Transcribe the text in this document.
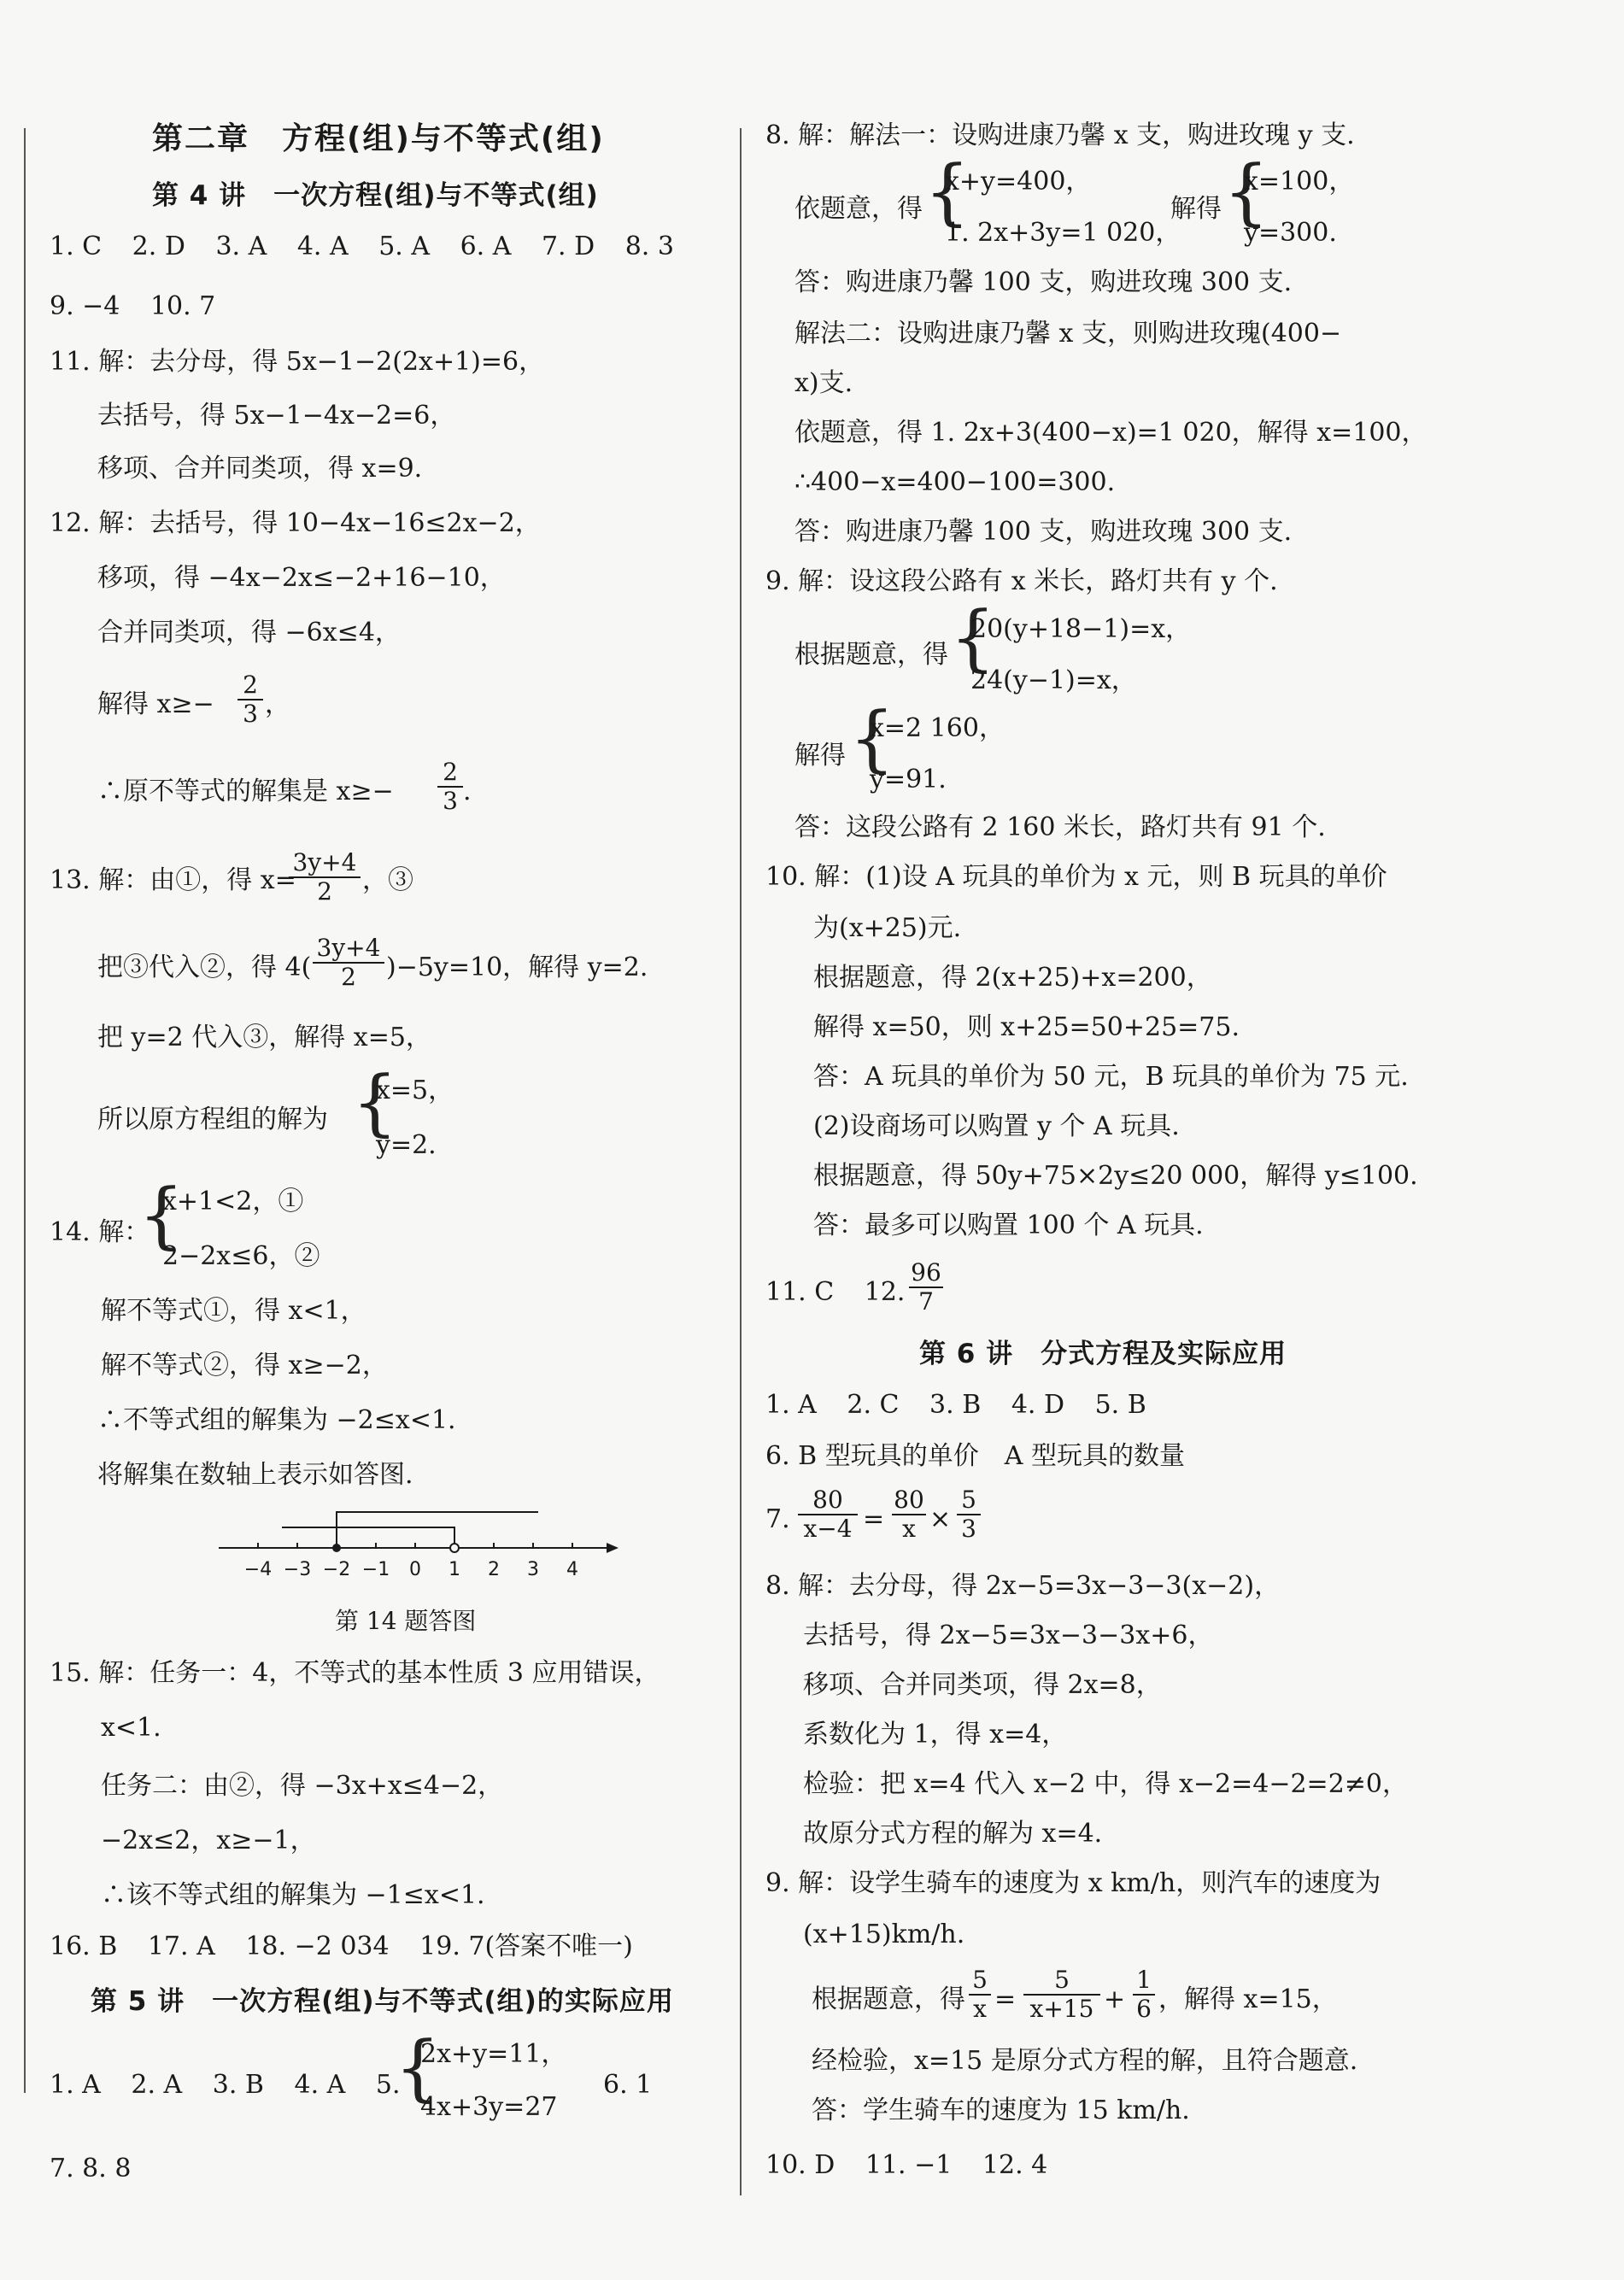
第二章　方程(组)与不等式(组)
第 4 讲　一次方程(组)与不等式(组)
1. C 2. D 3. A 4. A 5. A 6. A 7. D 8. 3
9. −4 10. 7
11. 解：去分母，得 5x−1−2(2x+1)=6，
去括号，得 5x−1−4x−2=6，
移项、合并同类项，得 x=9.
12. 解：去括号，得 10−4x−16≤2x−2，
移项，得 −4x−2x≤−2+16−10，
合并同类项，得 −6x≤4，
解得 $x\ge- \frac{2}{3}$ ，
∴原不等式的解集是 $x\ge- \frac{2}{3}$ .
13. 解：由①，得 x=
$\frac{3y+4}{2}$ ，③
把③代入②，得 $4( \frac{3y+4}{2} )-5y=10$，解得 y=2.
把 y=2 代入③，解得 x=5，
所以原方程组的解为 {
x=5，
y=2.
14. 解：
{
x+1<2，①
2−2x≤6，②
解不等式①，得 x<1，
解不等式②，得 x≥−2，
∴不等式组的解集为 −2≤x<1.
将解集在数轴上表示如答图.
−4 −3 −2 −1 0 1 2 3 4
第 14 题答图
15. 解：任务一：4，不等式的基本性质 3 应用错误，
x<1.
任务二：由②，得 −3x+x≤4−2，
−2x≤2，x≥−1，
∴该不等式组的解集为 −1≤x<1.
16. B 17. A 18. −2 034 19. 7(答案不唯一)
第 5 讲　一次方程(组)与不等式(组)的实际应用
1. A 2. A 3. B 4. A 5.
{
2x+y=11，
4x+3y=27
6. 1
7. 8. 8
8. 解：解法一：设购进康乃馨 x 支，购进玫瑰 y 支.
依题意，得 {
x+y=400，
1. 2x+3y=1 020，
解得 {
x=100，
y=300.
答：购进康乃馨 100 支，购进玫瑰 300 支.
解法二：设购进康乃馨 x 支，则购进玫瑰(400−
x)支.
依题意，得 1. 2x+3(400−x)=1 020，解得 x=100，
∴400−x=400−100=300.
答：购进康乃馨 100 支，购进玫瑰 300 支.
9. 解：设这段公路有 x 米长，路灯共有 y 个.
根据题意，得 {
20(y+18−1)=x，
24(y−1)=x，
解得 {
x=2 160，
y=91.
答：这段公路有 2 160 米长，路灯共有 91 个.
10. 解：(1)设 A 玩具的单价为 x 元，则 B 玩具的单价
为(x+25)元.
根据题意，得 2(x+25)+x=200，
解得 x=50，则 x+25=50+25=75.
答：A 玩具的单价为 50 元，B 玩具的单价为 75 元.
(2)设商场可以购置 y 个 A 玩具.
根据题意，得 50y+75×2y≤20 000，解得 y≤100.
答：最多可以购置 100 个 A 玩具.
11. C 12. $\frac{96}{7}$
第 6 讲　分式方程及实际应用
1. A 2. C 3. B 4. D 5. B
6. B 型玩具的单价　A 型玩具的数量
7. $\frac{80}{x-4} = \frac{80}{x} \times \frac{5}{3}$
8. 解：去分母，得 2x−5=3x−3−3(x−2)，
去括号，得 2x−5=3x−3−3x+6，
移项、合并同类项，得 2x=8，
系数化为 1，得 x=4，
检验：把 x=4 代入 x−2 中，得 x−2=4−2=2≠0，
故原分式方程的解为 x=4.
9. 解：设学生骑车的速度为 x km/h，则汽车的速度为
(x+15)km/h.
根据题意，得 $\frac{5}{x} = \frac{5}{x+15} + \frac{1}{6}$ ，解得 x=15，
经检验，x=15 是原分式方程的解，且符合题意.
答：学生骑车的速度为 15 km/h.
10. D 11. −1 12. 4
